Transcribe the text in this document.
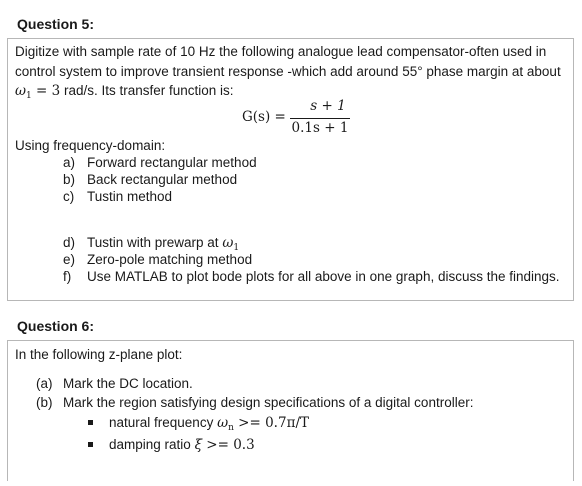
Question 5:
Digitize with sample rate of 10 Hz the following analogue lead compensator-often used in
control system to improve transient response -which add around 55° phase margin at about
$\omega_1 = 3$ rad/s. Its transfer function is:
G(s) =
s + 1
0.1s + 1
Using frequency-domain:
a) Forward rectangular method
b) Back rectangular method
c) Tustin method
d) Tustin with prewarp at $\omega_1$
e) Zero-pole matching method
f) Use MATLAB to plot bode plots for all above in one graph, discuss the findings.
Question 6:
In the following z-plane plot:
(a) Mark the DC location.
(b) Mark the region satisfying design specifications of a digital controller:
natural frequency $\omega_n >= 0.7\pi/T$
damping ratio ξ >= 0.3
